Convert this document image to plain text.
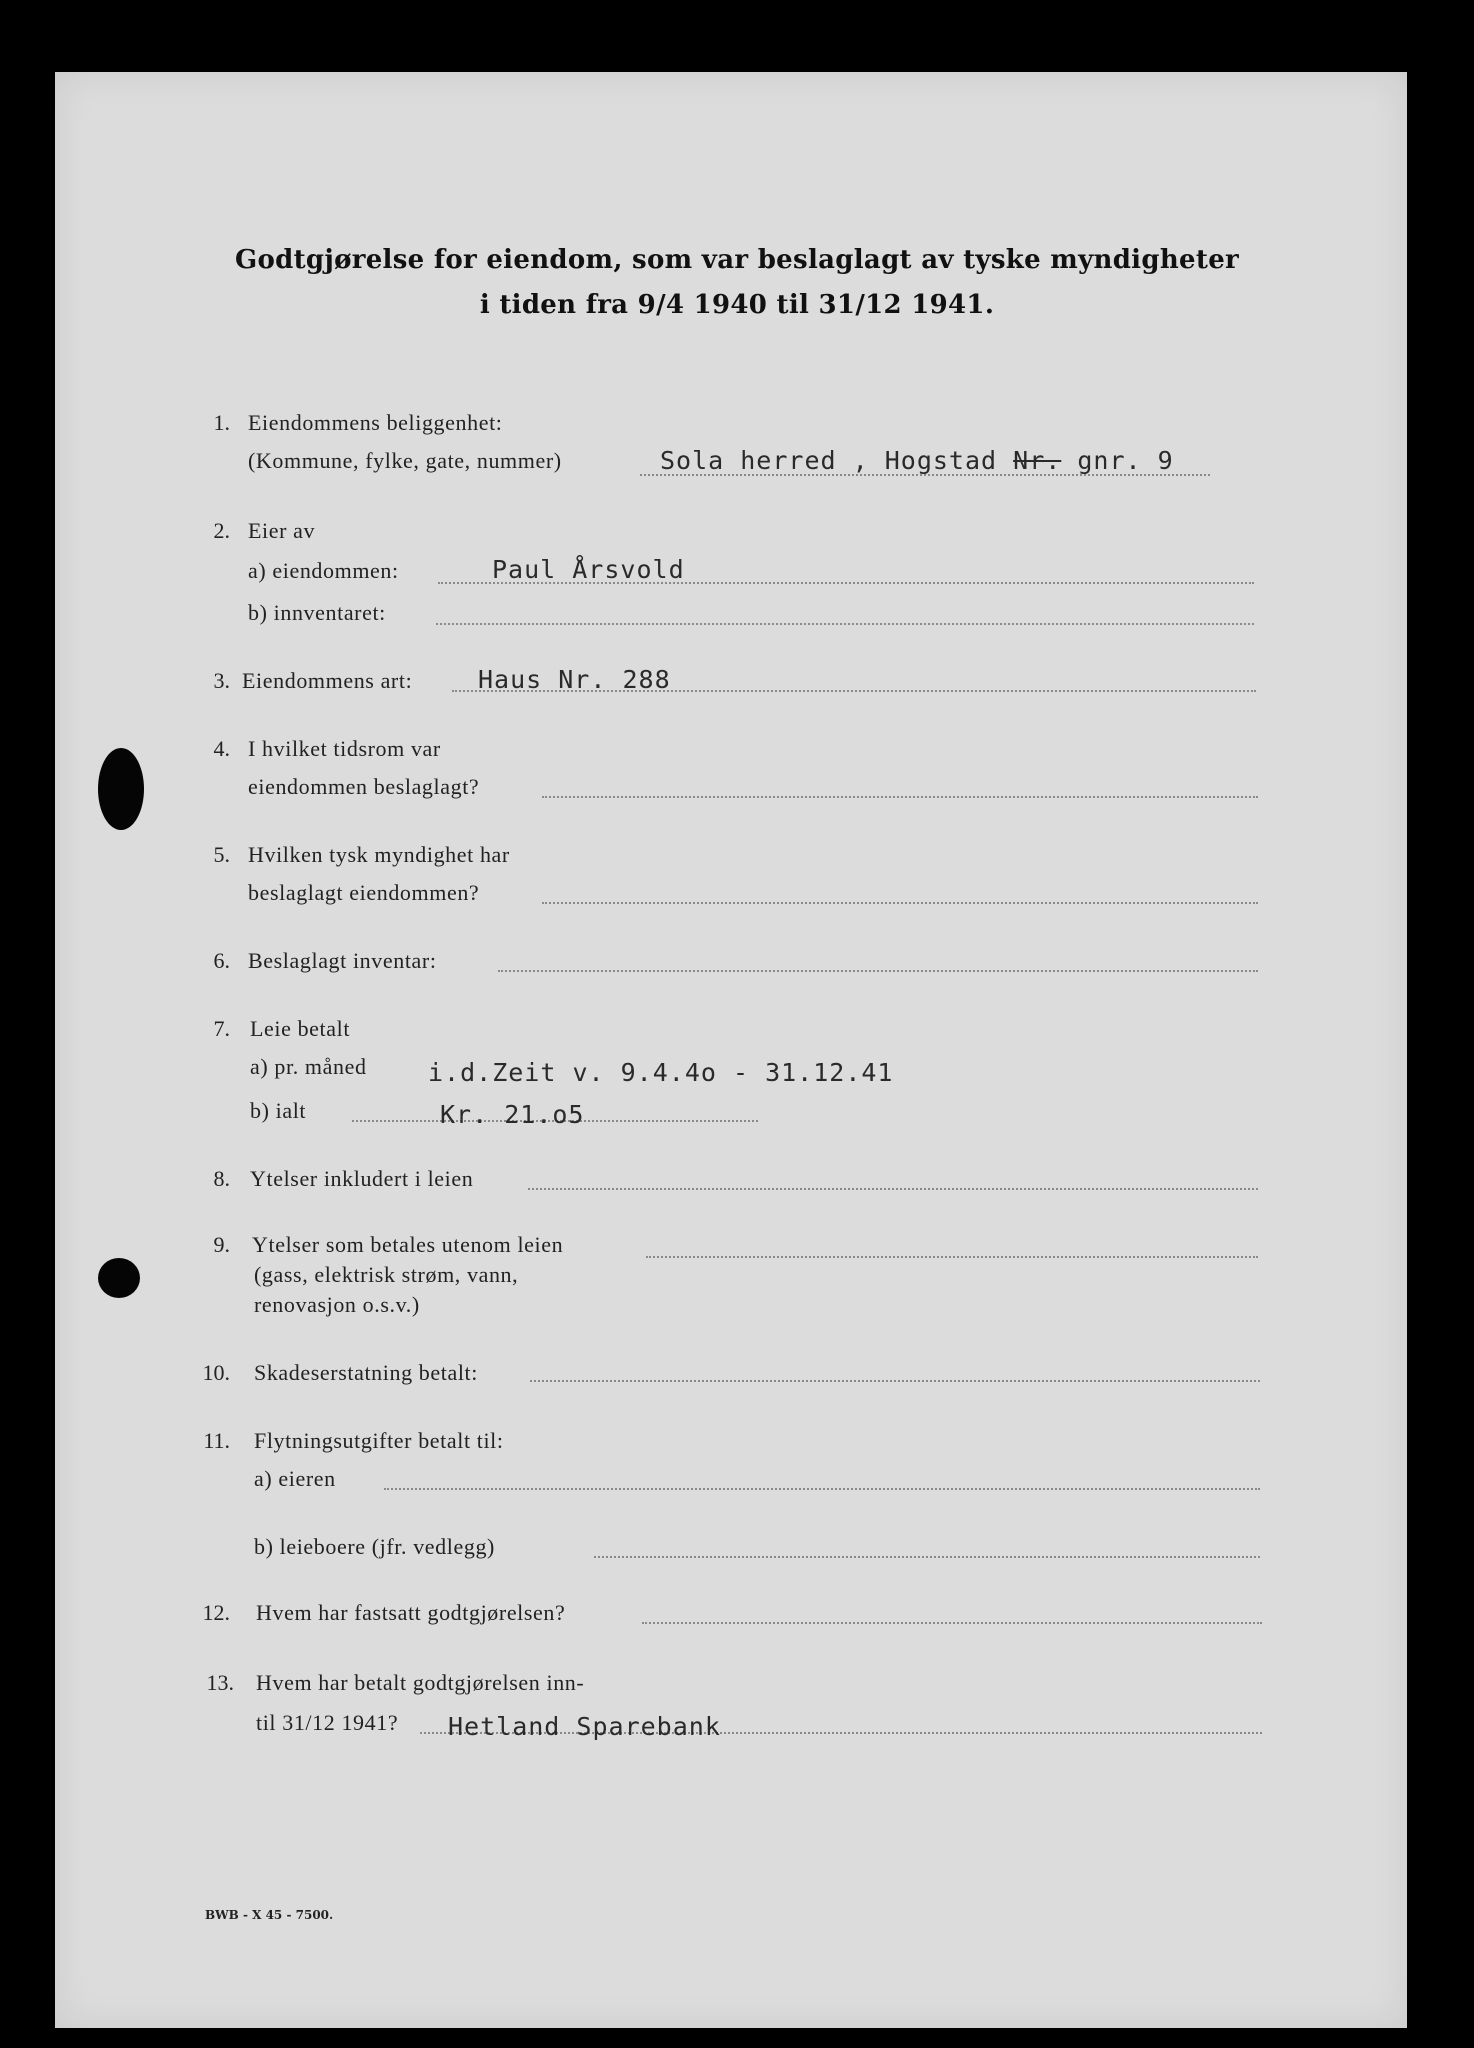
Godtgjørelse for eiendom, som var beslaglagt av tyske myndigheter
i tiden fra 9/4 1940 til 31/12 1941.
1. Eiendommens beliggenhet:
(Kommune, fylke, gate, nummer)	Sola herred , Hogstad Nr. gnr. 9
2. Eier av
a) eiendommen:	Paul Årsvold
b) innventaret:
3. Eiendommens art:	Haus Nr. 288
4. I hvilket tidsrom var
eiendommen beslaglagt?
5. Hvilken tysk myndighet har
beslaglagt eiendommen?
6. Beslaglagt inventar:
7. Leie betalt
a) pr. måned i.d.Zeit v. 9.4.4o - 31.12.41
b) ialt	Kr. 21.o5
8. Ytelser inkludert i leien
9. Ytelser som betales utenom leien
(gass, elektrisk strøm, vann,
renovasjon o.s.v.)
10. Skadeserstatning betalt:
11. Flytningsutgifter betalt til:
a) eieren
b) leieboere (jfr. vedlegg)
12. Hvem har fastsatt godtgjørelsen?
13. Hvem har betalt godtgjørelsen inn-
til 31/12 1941? Hetland Sparebank
BWB - X 45 - 7500.
